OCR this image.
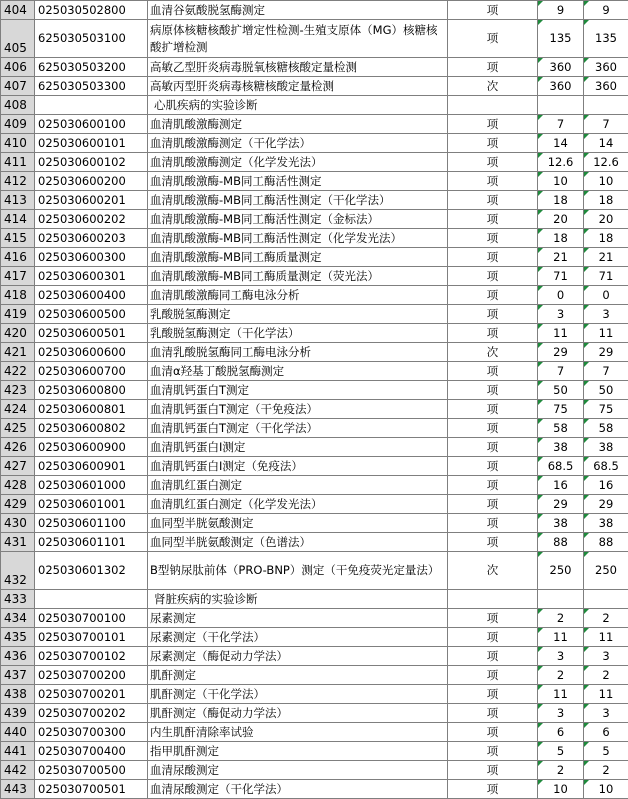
404	025030502800	血清谷氨酸脱氢酶测定	项	9	9
405	625030503100	病原体核糖核酸扩增定性检测-生殖支原体（MG）核糖核酸扩增检测	项	135	135
406	625030503200	高敏乙型肝炎病毒脱氧核糖核酸定量检测	项	360	360
407	625030503300	高敏丙型肝炎病毒核糖核酸定量检测	次	360	360
408		心肌疾病的实验诊断			
409	025030600100	血清肌酸激酶测定	项	7	7
410	025030600101	血清肌酸激酶测定（干化学法）	项	14	14
411	025030600102	血清肌酸激酶测定（化学发光法）	项	12.6	12.6
412	025030600200	血清肌酸激酶-MB同工酶活性测定	项	10	10
413	025030600201	血清肌酸激酶-MB同工酶活性测定（干化学法）	项	18	18
414	025030600202	血清肌酸激酶-MB同工酶活性测定（金标法）	项	20	20
415	025030600203	血清肌酸激酶-MB同工酶活性测定（化学发光法）	项	18	18
416	025030600300	血清肌酸激酶-MB同工酶质量测定	项	21	21
417	025030600301	血清肌酸激酶-MB同工酶质量测定（荧光法）	项	71	71
418	025030600400	血清肌酸激酶同工酶电泳分析	项	0	0
419	025030600500	乳酸脱氢酶测定	项	3	3
420	025030600501	乳酸脱氢酶测定（干化学法）	项	11	11
421	025030600600	血清乳酸脱氢酶同工酶电泳分析	次	29	29
422	025030600700	血清α羟基丁酸脱氢酶测定	项	7	7
423	025030600800	血清肌钙蛋白T测定	项	50	50
424	025030600801	血清肌钙蛋白T测定（干免疫法）	项	75	75
425	025030600802	血清肌钙蛋白T测定（干化学法）	项	58	58
426	025030600900	血清肌钙蛋白Ⅰ测定	项	38	38
427	025030600901	血清肌钙蛋白Ⅰ测定（免疫法）	项	68.5	68.5
428	025030601000	血清肌红蛋白测定	项	16	16
429	025030601001	血清肌红蛋白测定（化学发光法）	项	29	29
430	025030601100	血同型半胱氨酸测定	项	38	38
431	025030601101	血同型半胱氨酸测定（色谱法）	项	88	88
432	025030601302	B型钠尿肽前体（PRO-BNP）测定（干免疫荧光定量法）	次	250	250
433		肾脏疾病的实验诊断			
434	025030700100	尿素测定	项	2	2
435	025030700101	尿素测定（干化学法）	项	11	11
436	025030700102	尿素测定（酶促动力学法）	项	3	3
437	025030700200	肌酐测定	项	2	2
438	025030700201	肌酐测定（干化学法）	项	11	11
439	025030700202	肌酐测定（酶促动力学法）	项	3	3
440	025030700300	内生肌酐清除率试验	项	6	6
441	025030700400	指甲肌酐测定	项	5	5
442	025030700500	血清尿酸测定	项	2	2
443	025030700501	血清尿酸测定（干化学法）	项	10	10
